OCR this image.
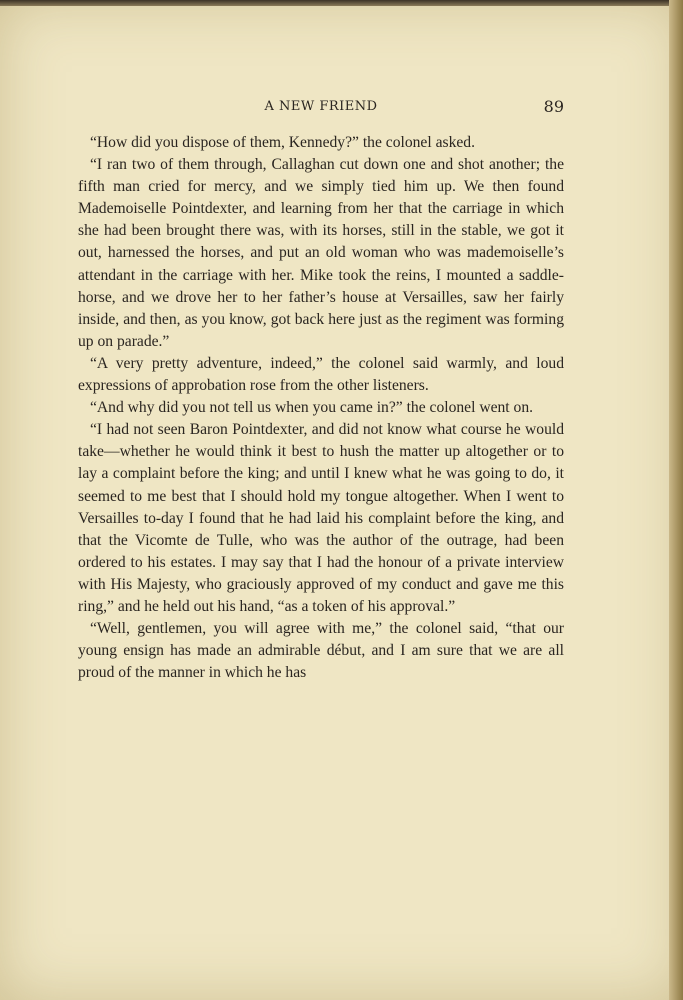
A NEW FRIEND	89

“How did you dispose of them, Kennedy?” the colonel asked.

“I ran two of them through, Callaghan cut down one and shot another; the fifth man cried for mercy, and we simply tied him up. We then found Mademoiselle Pointdexter, and learning from her that the carriage in which she had been brought there was, with its horses, still in the stable, we got it out, harnessed the horses, and put an old woman who was mademoiselle’s attendant in the carriage with her. Mike took the reins, I mounted a saddle-horse, and we drove her to her father’s house at Versailles, saw her fairly inside, and then, as you know, got back here just as the regiment was forming up on parade.”

“A very pretty adventure, indeed,” the colonel said warmly, and loud expressions of approbation rose from the other listeners.

“And why did you not tell us when you came in?” the colonel went on.

“I had not seen Baron Pointdexter, and did not know what course he would take—whether he would think it best to hush the matter up altogether or to lay a complaint before the king; and until I knew what he was going to do, it seemed to me best that I should hold my tongue altogether. When I went to Versailles to-day I found that he had laid his complaint before the king, and that the Vicomte de Tulle, who was the author of the outrage, had been ordered to his estates. I may say that I had the honour of a private interview with His Majesty, who graciously approved of my conduct and gave me this ring,” and he held out his hand, “as a token of his approval.”

“Well, gentlemen, you will agree with me,” the colonel said, “that our young ensign has made an admirable début, and I am sure that we are all proud of the manner in which he has
